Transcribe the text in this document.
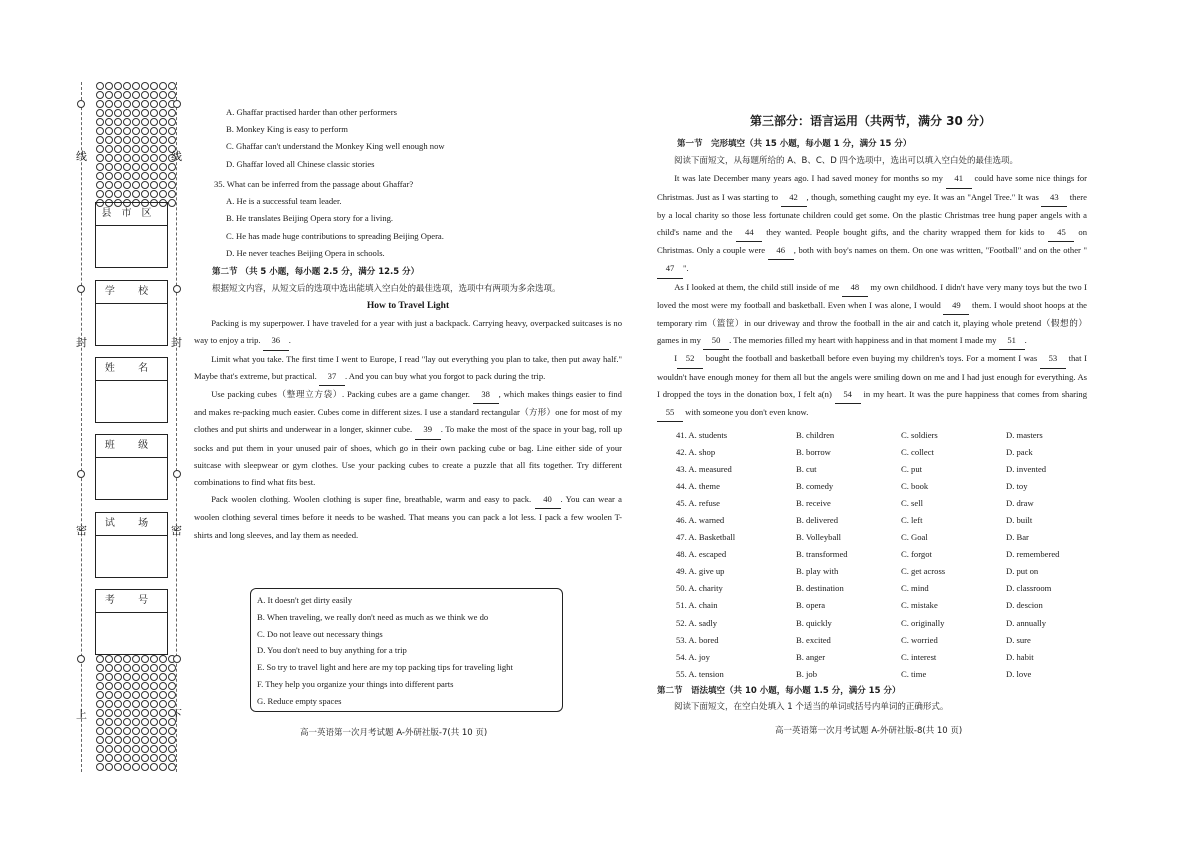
线	线
封	封
密	密
上	下
县市区
学 校
姓 名
班 级
试 场
考 号

A. Ghaffar practised harder than other performers

B. Monkey King is easy to perform

C. Ghaffar can't understand the Monkey King well enough now

D. Ghaffar loved all Chinese classic stories

35. What can be inferred from the passage about Ghaffar?

A. He is a successful team leader.

B. He translates Beijing Opera story for a living.

C. He has made huge contributions to spreading Beijing Opera.

D. He never teaches Beijing Opera in schools.

第二节 （共 5 小题，每小题 2.5 分，满分 12.5 分）

根据短文内容，从短文后的选项中选出能填入空白处的最佳选项，选项中有两项为多余选项。

How to Travel Light

Packing is my superpower. I have traveled for a year with just a backpack. Carrying heavy, overpacked suitcases is no way to enjoy a trip. 36 .

Limit what you take. The first time I went to Europe, I read "lay out everything you plan to take, then put away half." Maybe that's extreme, but practical. 37 . And you can buy what you forgot to pack during the trip.

Use packing cubes（整理立方袋）. Packing cubes are a game changer. 38 , which makes things easier to find and makes re-packing much easier. Cubes come in different sizes. I use a standard rectangular（方形）one for most of my clothes and put shirts and underwear in a longer, skinner cube. 39 . To make the most of the space in your bag, roll up socks and put them in your unused pair of shoes, which go in their own packing cube or bag. Line either side of your suitcase with sleepwear or gym clothes. Use your packing cubes to create a puzzle that all fits together. Try different combinations to find what fits best.

Pack woolen clothing. Woolen clothing is super fine, breathable, warm and easy to pack. 40 . You can wear a woolen clothing several times before it needs to be washed. That means you can pack a lot less. I pack a few woolen T-shirts and long sleeves, and lay them as needed.

A. It doesn't get dirty easily

B. When traveling, we really don't need as much as we think we do

C. Do not leave out necessary things

D. You don't need to buy anything for a trip

E. So try to travel light and here are my top packing tips for traveling light

F. They help you organize your things into different parts

G. Reduce empty spaces

高一英语第一次月考试题 A-外研社版-7(共 10 页)
第三部分：语言运用（共两节，满分 30 分）

第一节　完形填空（共 15 小题，每小题 1 分，满分 15 分）

阅读下面短文，从每题所给的 A、B、C、D 四个选项中，选出可以填入空白处的最佳选项。

It was late December many years ago. I had saved money for months so my 41 could have some nice things for Christmas. Just as I was starting to 42 , though, something caught my eye. It was an "Angel Tree." It was 43 there by a local charity so those less fortunate children could get some. On the plastic Christmas tree hung paper angels with a child's name and the 44 they wanted. People bought gifts, and the charity wrapped them for kids to 45 on Christmas. Only a couple were 46 , both with boy's names on them. On one was written, "Football" and on the other "47 ".

As I looked at them, the child still inside of me 48 my own childhood. I didn't have very many toys but the two I loved the most were my football and basketball. Even when I was alone, I would 49 them. I would shoot hoops at the temporary rim（篮筐）in our driveway and throw the football in the air and catch it, playing whole pretend（假想的）games in my 50 . The memories filled my heart with happiness and in that moment I made my 51 .

I 52 bought the football and basketball before even buying my children's toys. For a moment I was 53 that I wouldn't have enough money for them all but the angels were smiling down on me and I had just enough for everything. As I dropped the toys in the donation box, I felt a(n) 54 in my heart. It was the pure happiness that comes from sharing 55 with someone you don't even know.

41. A. students	B. children	C. soldiers	D. masters
42. A. shop	B. borrow	C. collect	D. pack
43. A. measured	B. cut	C. put	D. invented
44. A. theme	B. comedy	C. book	D. toy
45. A. refuse	B. receive	C. sell	D. draw
46. A. warned	B. delivered	C. left	D. built
47. A. Basketball	B. Volleyball	C. Goal	D. Bar
48. A. escaped	B. transformed	C. forgot	D. remembered
49. A. give up	B. play with	C. get across	D. put on
50. A. charity	B. destination	C. mind	D. classroom
51. A. chain	B. opera	C. mistake	D. descion
52. A. sadly	B. quickly	C. originally	D. annually
53. A. bored	B. excited	C. worried	D. sure
54. A. joy	B. anger	C. interest	D. habit
55. A. tension	B. job	C. time	D. love

第二节　语法填空（共 10 小题，每小题 1.5 分，满分 15 分）

阅读下面短文，在空白处填入 1 个适当的单词或括号内单词的正确形式。

高一英语第一次月考试题 A-外研社版-8(共 10 页)
